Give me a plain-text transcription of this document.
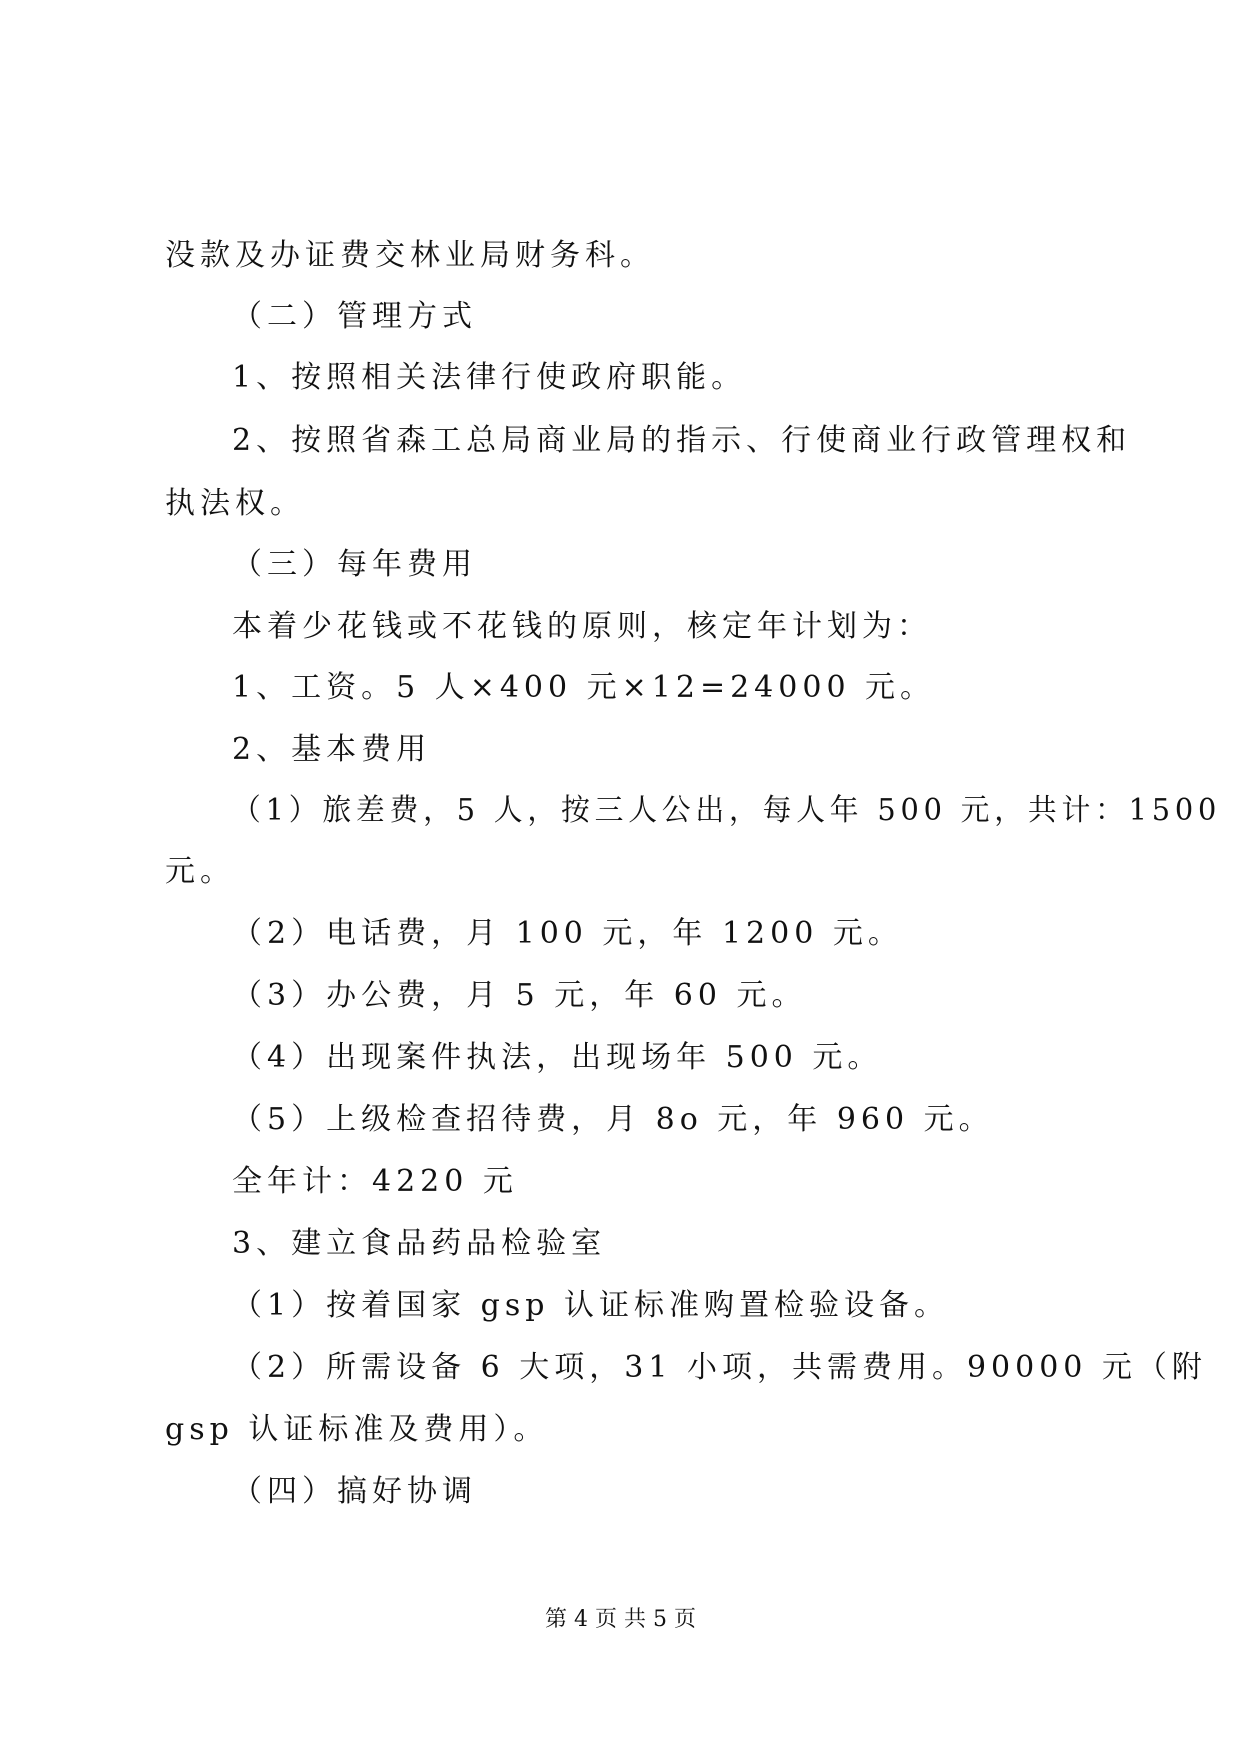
没款及办证费交林业局财务科。
（二）管理方式
1、按照相关法律行使政府职能。
2、按照省森工总局商业局的指示、行使商业行政管理权和
执法权。
（三）每年费用
本着少花钱或不花钱的原则，核定年计划为：
1、工资。5 人×400 元×12=24000 元。
2、基本费用
（1）旅差费，5 人，按三人公出，每人年 500 元，共计：1500
元。
（2）电话费，月 100 元，年 1200 元。
（3）办公费，月 5 元，年 60 元。
（4）出现案件执法，出现场年 500 元。
（5）上级检查招待费，月 8o 元，年 960 元。
全年计：4220 元
3、建立食品药品检验室
（1）按着国家 gsp 认证标准购置检验设备。
（2）所需设备 6 大项，31 小项，共需费用。90000 元（附
gsp 认证标准及费用）。
（四）搞好协调
第 4 页 共 5 页
